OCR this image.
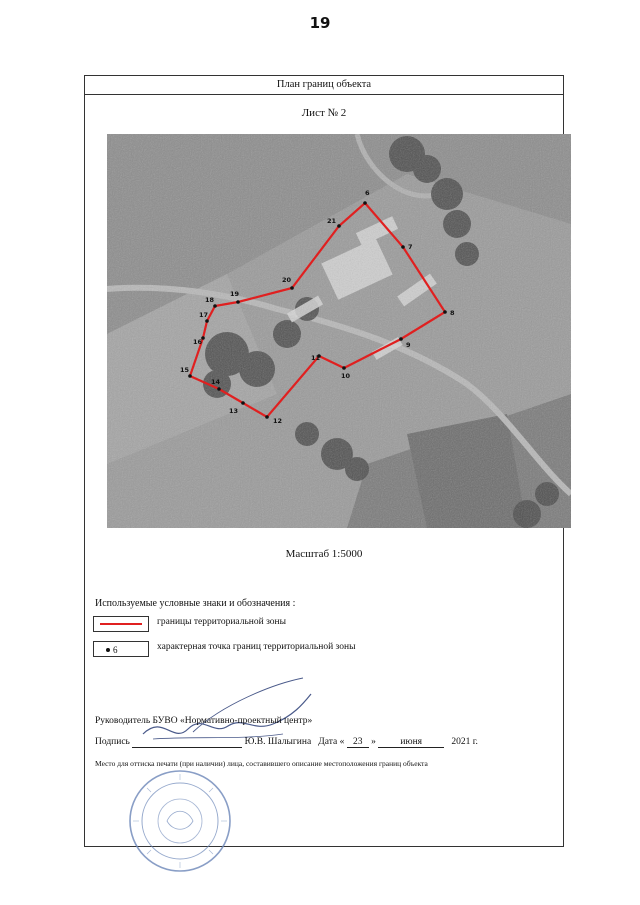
19
План границ объекта
Лист № 2
6
7
8
9
10
11
12
13
14
15
16
17
18
19
20
21
Масштаб 1:5000
Используемые условные знаки и обозначения :
границы территориальной зоны
6	характерная точка границ территориальной зоны
Руководитель БУВО «Нормативно-проектный центр»
Подпись	Ю.В. Шалыгина Дата « 23 »	июня	2021 г.
Место для оттиска печати (при наличии) лица, составившего описание местоположения границ объекта
